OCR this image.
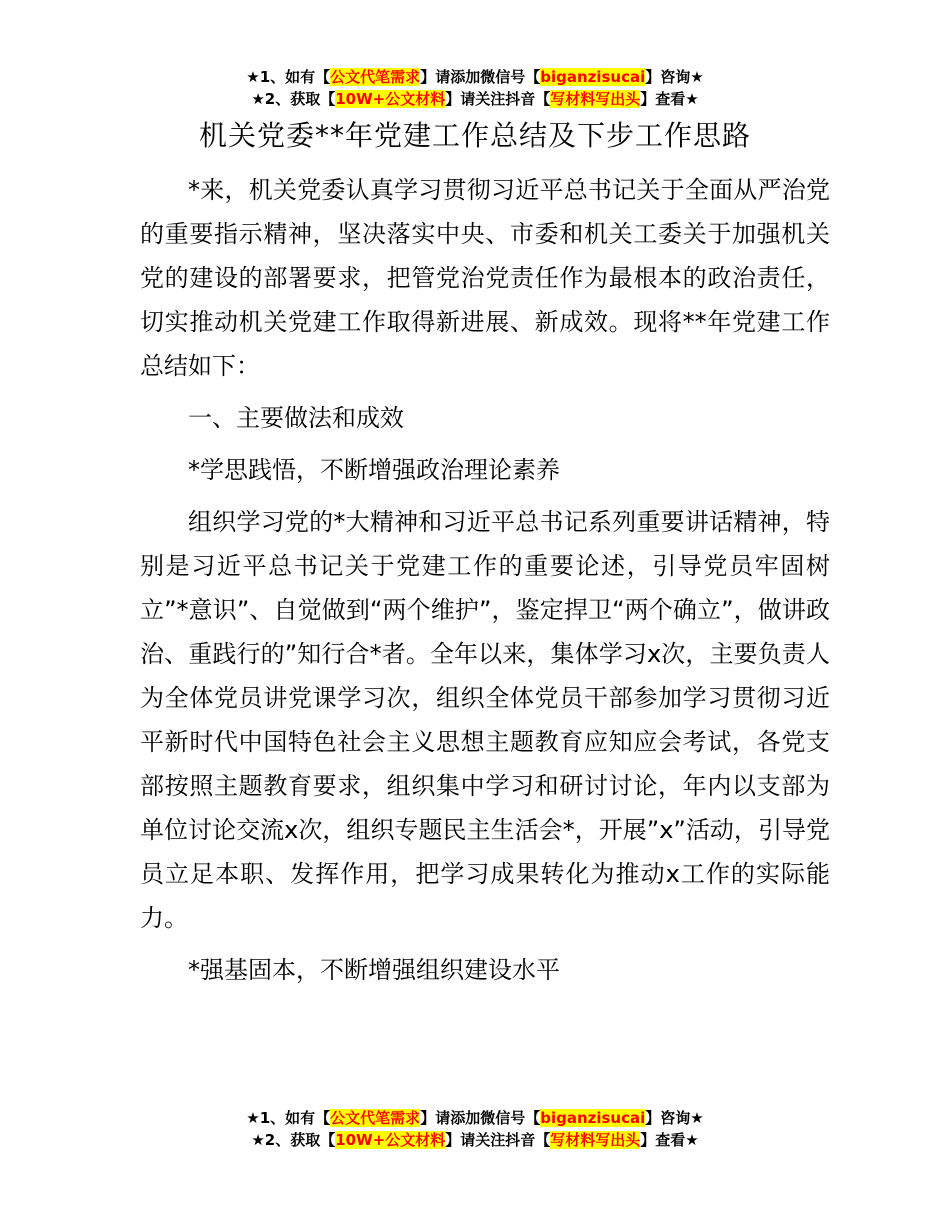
★1、如有【公文代笔需求】请添加微信号【biganzisucai】咨询★
★2、获取【10W+公文材料】请关注抖音【写材料写出头】查看★
机关党委**年党建工作总结及下步工作思路

*来，机关党委认真学习贯彻习近平总书记关于全面从严治党的重要指示精神，坚决落实中央、市委和机关工委关于加强机关党的建设的部署要求，把管党治党责任作为最根本的政治责任，切实推动机关党建工作取得新进展、新成效。现将**年党建工作总结如下：

一、主要做法和成效

*学思践悟，不断增强政治理论素养

组织学习党的*大精神和习近平总书记系列重要讲话精神，特别是习近平总书记关于党建工作的重要论述，引导党员牢固树立”*意识”、自觉做到“两个维护”，鉴定捍卫“两个确立”，做讲政治、重践行的”知行合*者。全年以来，集体学习x次，主要负责人为全体党员讲党课学习次，组织全体党员干部参加学习贯彻习近平新时代中国特色社会主义思想主题教育应知应会考试，各党支部按照主题教育要求，组织集中学习和研讨讨论，年内以支部为单位讨论交流x次，组织专题民主生活会*，开展”x”活动，引导党员立足本职、发挥作用，把学习成果转化为推动x工作的实际能力。

*强基固本，不断增强组织建设水平

★1、如有【公文代笔需求】请添加微信号【biganzisucai】咨询★
★2、获取【10W+公文材料】请关注抖音【写材料写出头】查看★
